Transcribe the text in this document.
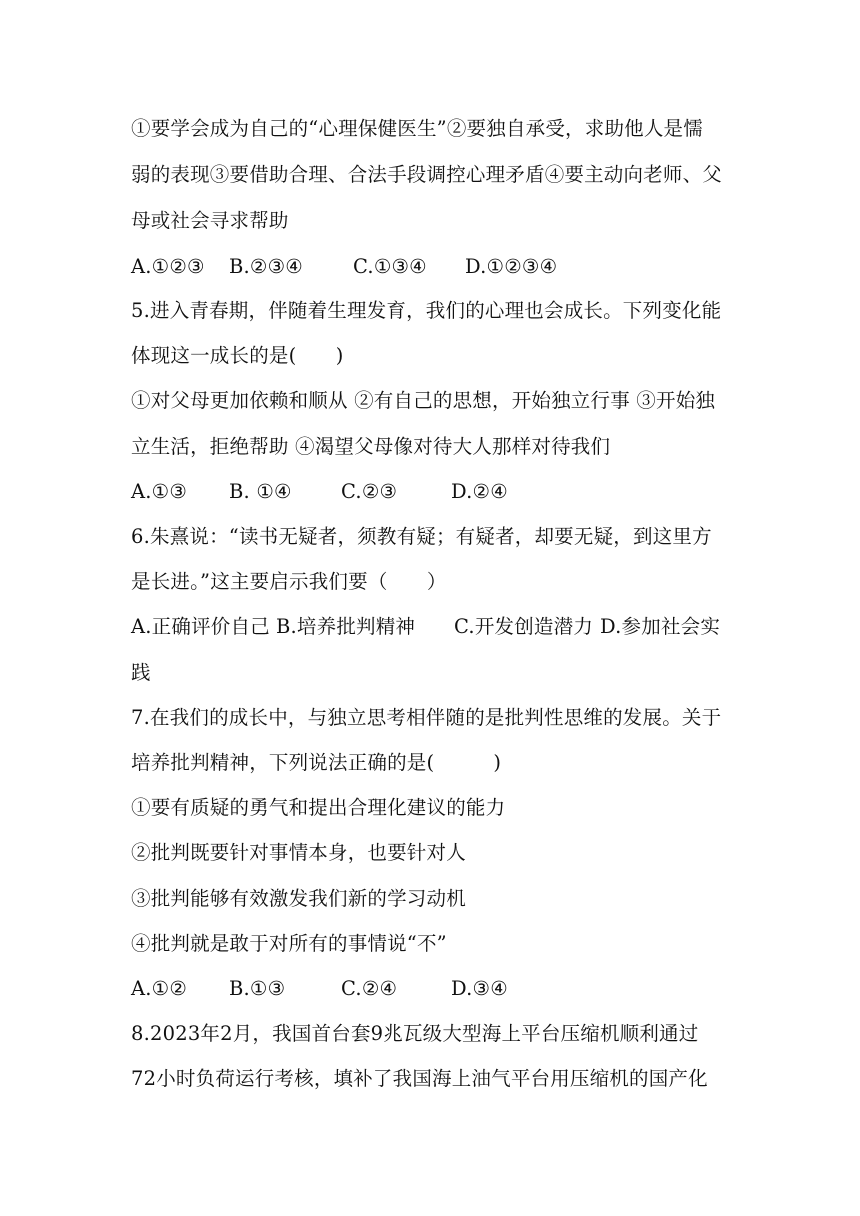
①要学会成为自己的“心理保健医生”②要独自承受，求助他人是懦
弱的表现③要借助合理、合法手段调控心理矛盾④要主动向老师、父
母或社会寻求帮助
A.①②③ B.②③④	C.①③④ D.①②③④
5.进入青春期，伴随着生理发育，我们的心理也会成长。下列变化能
体现这一成长的是(　　)
①对父母更加依赖和顺从 ②有自己的思想，开始独立行事 ③开始独
立生活，拒绝帮助 ④渴望父母像对待大人那样对待我们
A.①③ B. ①④	C.②③	D.②④
6.朱熹说：“读书无疑者，须教有疑；有疑者，却要无疑，到这里方
是长进。”这主要启示我们要（　　）
A.正确评价自己 B.培养批判精神 C.开发创造潜力 D.参加社会实
践
7.在我们的成长中，与独立思考相伴随的是批判性思维的发展。关于
培养批判精神，下列说法正确的是(　　　)
①要有质疑的勇气和提出合理化建议的能力
②批判既要针对事情本身，也要针对人
③批判能够有效激发我们新的学习动机
④批判就是敢于对所有的事情说“不”
A.①② B.①③	C.②④	D.③④
8.2023年2月，我国首台套9兆瓦级大型海上平台压缩机顺利通过
72小时负荷运行考核，填补了我国海上油气平台用压缩机的国产化
